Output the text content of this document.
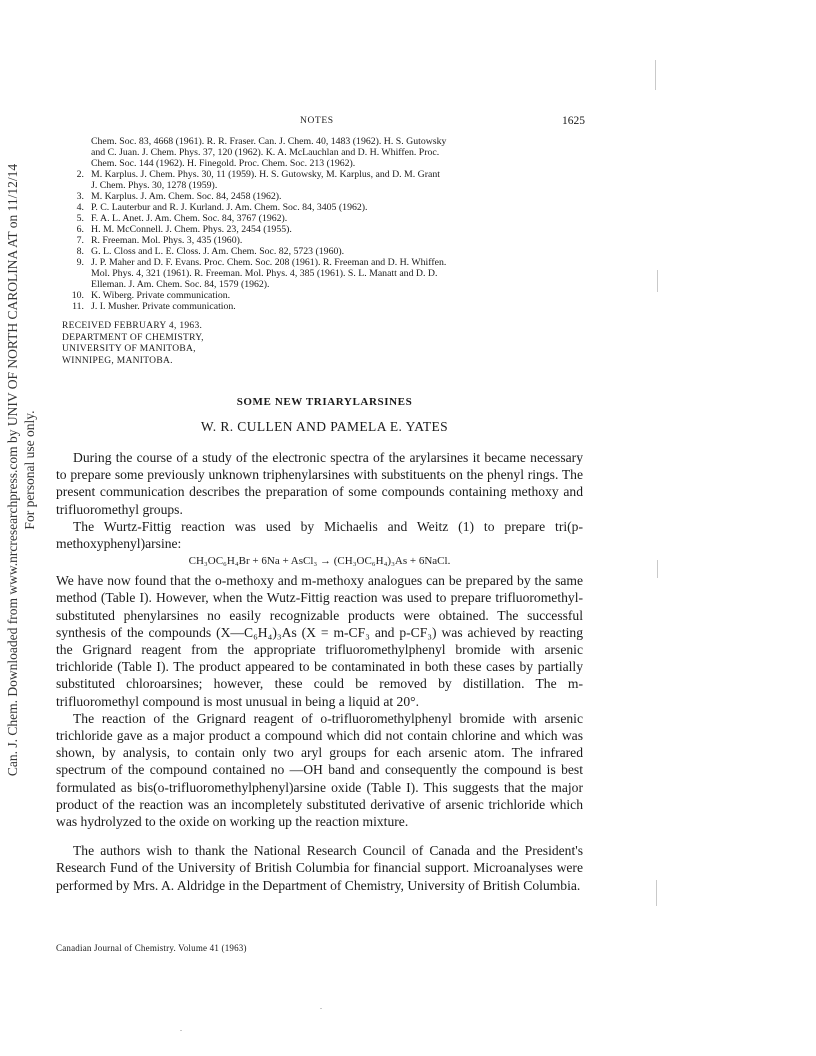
Can. J. Chem. Downloaded from www.nrcresearchpress.com by UNIV OF NORTH CAROLINA AT on 11/12/14 For personal use only.
NOTES	1625
Chem. Soc. 83, 4668 (1961). R. R. Fraser. Can. J. Chem. 40, 1483 (1962). H. S. Gutowsky
and C. Juan. J. Chem. Phys. 37, 120 (1962). K. A. McLauchlan and D. H. Whiffen. Proc.
Chem. Soc. 144 (1962). H. Finegold. Proc. Chem. Soc. 213 (1962).
2. M. Karplus. J. Chem. Phys. 30, 11 (1959). H. S. Gutowsky, M. Karplus, and D. M. Grant
J. Chem. Phys. 30, 1278 (1959).
3. M. Karplus. J. Am. Chem. Soc. 84, 2458 (1962).
4. P. C. Lauterbur and R. J. Kurland. J. Am. Chem. Soc. 84, 3405 (1962).
5. F. A. L. Anet. J. Am. Chem. Soc. 84, 3767 (1962).
6. H. M. McConnell. J. Chem. Phys. 23, 2454 (1955).
7. R. Freeman. Mol. Phys. 3, 435 (1960).
8. G. L. Closs and L. E. Closs. J. Am. Chem. Soc. 82, 5723 (1960).
9. J. P. Maher and D. F. Evans. Proc. Chem. Soc. 208 (1961). R. Freeman and D. H. Whiffen.
Mol. Phys. 4, 321 (1961). R. Freeman. Mol. Phys. 4, 385 (1961). S. L. Manatt and D. D.
Elleman. J. Am. Chem. Soc. 84, 1579 (1962).
10. K. Wiberg. Private communication.
11. J. I. Musher. Private communication.
RECEIVED FEBRUARY 4, 1963.
DEPARTMENT OF CHEMISTRY,
UNIVERSITY OF MANITOBA,
WINNIPEG, MANITOBA.
SOME NEW TRIARYLARSINES
W. R. CULLEN AND PAMELA E. YATES

During the course of a study of the electronic spectra of the arylarsines it became necessary to prepare some previously unknown triphenylarsines with substituents on the phenyl rings. The present communication describes the preparation of some compounds containing methoxy and trifluoromethyl groups.

The Wurtz-Fittig reaction was used by Michaelis and Weitz (1) to prepare tri(p-methoxyphenyl)arsine:

CH₃OC₆H₄Br + 6Na + AsCl₃ → (CH₃OC₆H₄)₃As + 6NaCl.

We have now found that the o-methoxy and m-methoxy analogues can be prepared by the same method (Table I). However, when the Wutz-Fittig reaction was used to prepare trifluoromethyl-substituted phenylarsines no easily recognizable products were obtained. The successful synthesis of the compounds (X—C₆H₄)₃As (X = m-CF₃ and p-CF₃) was achieved by reacting the Grignard reagent from the appropriate trifluoromethylphenyl bromide with arsenic trichloride (Table I). The product appeared to be contaminated in both these cases by partially substituted chloroarsines; however, these could be removed by distillation. The m-trifluoromethyl compound is most unusual in being a liquid at 20°.

The reaction of the Grignard reagent of o-trifluoromethylphenyl bromide with arsenic trichloride gave as a major product a compound which did not contain chlorine and which was shown, by analysis, to contain only two aryl groups for each arsenic atom. The infrared spectrum of the compound contained no —OH band and consequently the compound is best formulated as bis(o-trifluoromethylphenyl)arsine oxide (Table I). This suggests that the major product of the reaction was an incompletely substituted derivative of arsenic trichloride which was hydrolyzed to the oxide on working up the reaction mixture.

The authors wish to thank the National Research Council of Canada and the President's Research Fund of the University of British Columbia for financial support. Microanalyses were performed by Mrs. A. Aldridge in the Department of Chemistry, University of British Columbia.

Canadian Journal of Chemistry. Volume 41 (1963)
